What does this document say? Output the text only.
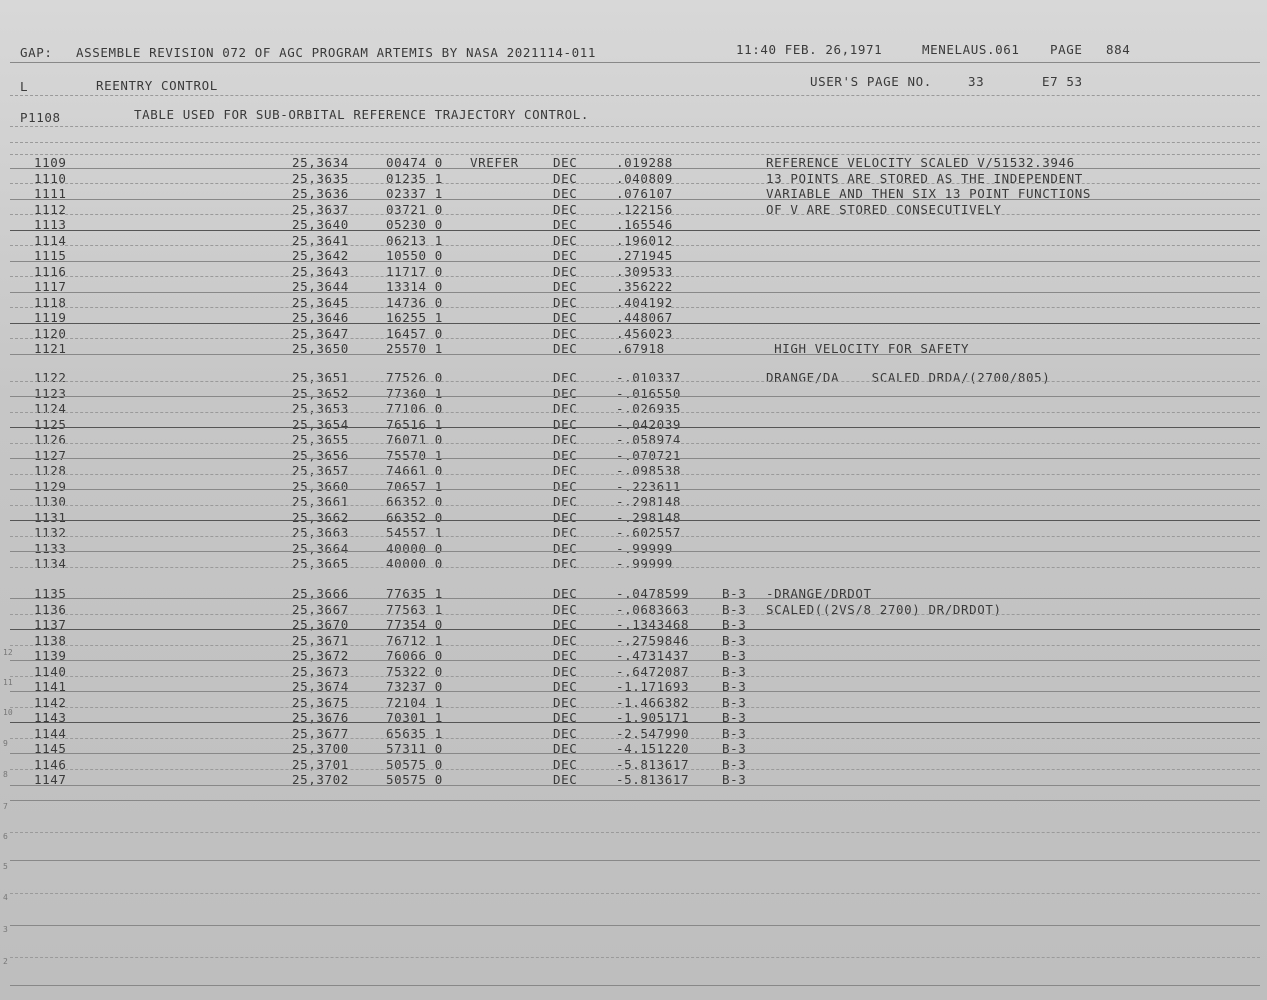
GAP: ASSEMBLE REVISION 072 OF AGC PROGRAM ARTEMIS BY NASA 2021114-011	11:40 FEB. 26,1971	MENELAUS.061 PAGE 884
L	REENTRY CONTROL	USER'S PAGE NO.	33	E7 53
P1108	TABLE USED FOR SUB-ORBITAL REFERENCE TRAJECTORY CONTROL.
1109	25,3634	00474 0 VREFER	DEC	.019288	REFERENCE VELOCITY SCALED V/51532.3946
1110	25,3635	01235 1	DEC	.040809	13 POINTS ARE STORED AS THE INDEPENDENT
1111	25,3636	02337 1	DEC	.076107	VARIABLE AND THEN SIX 13 POINT FUNCTIONS
1112	25,3637	03721 0	DEC	.122156	OF V ARE STORED CONSECUTIVELY
1113	25,3640	05230 0	DEC	.165546
1114	25,3641	06213 1	DEC	.196012
1115	25,3642	10550 0	DEC	.271945
1116	25,3643	11717 0	DEC	.309533
1117	25,3644	13314 0	DEC	.356222
1118	25,3645	14736 0	DEC	.404192
1119	25,3646	16255 1	DEC	.448067
1120	25,3647	16457 0	DEC	.456023
1121	25,3650	25570 1	DEC	.67918	HIGH VELOCITY FOR SAFETY
1122	25,3651	77526 0	DEC	-.010337	DRANGE/DA    SCALED DRDA/(2700/805)
1123	25,3652	77360 1	DEC	-.016550
1124	25,3653	77106 0	DEC	-.026935
1125	25,3654	76516 1	DEC	-.042039
1126	25,3655	76071 0	DEC	-.058974
1127	25,3656	75570 1	DEC	-.070721
1128	25,3657	74661 0	DEC	-.098538
1129	25,3660	70657 1	DEC	-.223611
1130	25,3661	66352 0	DEC	-.298148
1131	25,3662	66352 0	DEC	-.298148
1132	25,3663	54557 1	DEC	-.602557
1133	25,3664	40000 0	DEC	-.99999
1134	25,3665	40000 0	DEC	-.99999
1135	25,3666	77635 1	DEC	-.0478599	B-3 -DRANGE/DRDOT
1136	25,3667	77563 1	DEC	-.0683663	B-3 SCALED((2VS/8 2700) DR/DRDOT)
1137	25,3670	77354 0	DEC	-.1343468	B-3
1138	25,3671	76712 1	DEC	-.2759846	B-3
1139	25,3672	76066 0	DEC	-.4731437	B-3
1140	25,3673	75322 0	DEC	-.6472087	B-3
1141	25,3674	73237 0	DEC	-1.171693	B-3
1142	25,3675	72104 1	DEC	-1.466382	B-3
1143	25,3676	70301 1	DEC	-1.905171	B-3
1144	25,3677	65635 1	DEC	-2.547990	B-3
1145	25,3700	57311 0	DEC	-4.151220	B-3
1146	25,3701	50575 0	DEC	-5.813617	B-3
1147	25,3702	50575 0	DEC	-5.813617	B-3
12
11
10
9
8
7
6
5
4
3
2
